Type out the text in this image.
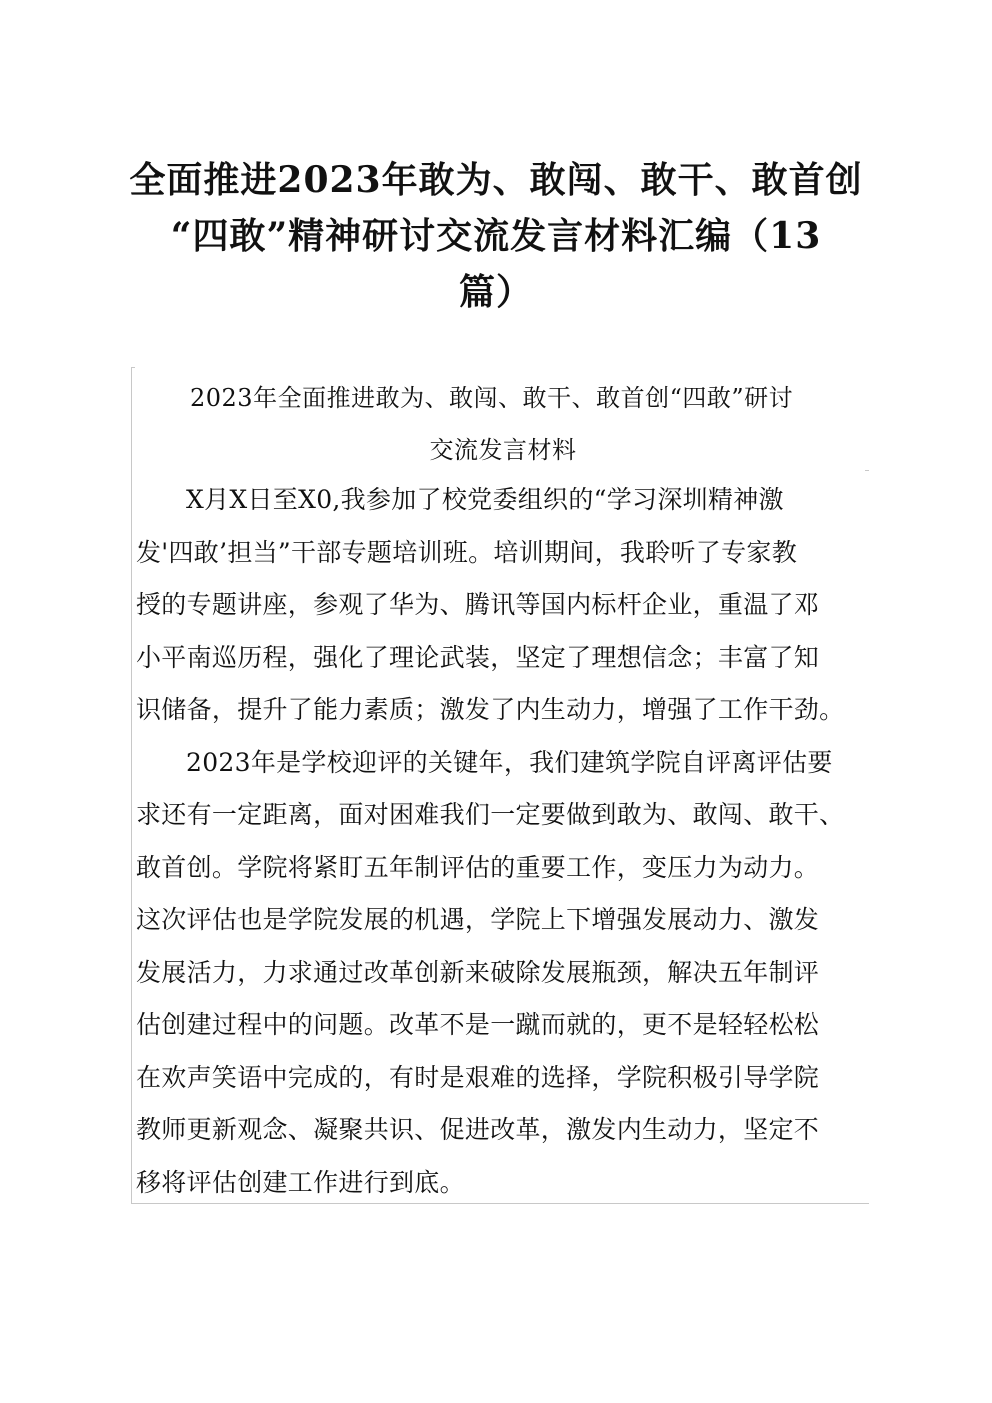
全面推进2023年敢为、敢闯、敢干、敢首创
“四敢”精神研讨交流发言材料汇编（13
篇）
2023年全面推进敢为、敢闯、敢干、敢首创“四敢”研讨
交流发言材料
X月X日至X0,我参加了校党委组织的“学习深圳精神激
发'四敢’担当”干部专题培训班。培训期间，我聆听了专家教
授的专题讲座，参观了华为、腾讯等国内标杆企业，重温了邓
小平南巡历程，强化了理论武装，坚定了理想信念；丰富了知
识储备，提升了能力素质；激发了内生动力，增强了工作干劲。
2023年是学校迎评的关键年，我们建筑学院自评离评估要
求还有一定距离，面对困难我们一定要做到敢为、敢闯、敢干、
敢首创。学院将紧盯五年制评估的重要工作，变压力为动力。
这次评估也是学院发展的机遇，学院上下增强发展动力、激发
发展活力，力求通过改革创新来破除发展瓶颈，解决五年制评
估创建过程中的问题。改革不是一蹴而就的，更不是轻轻松松
在欢声笑语中完成的，有时是艰难的选择，学院积极引导学院
教师更新观念、凝聚共识、促进改革，激发内生动力，坚定不
移将评估创建工作进行到底。
